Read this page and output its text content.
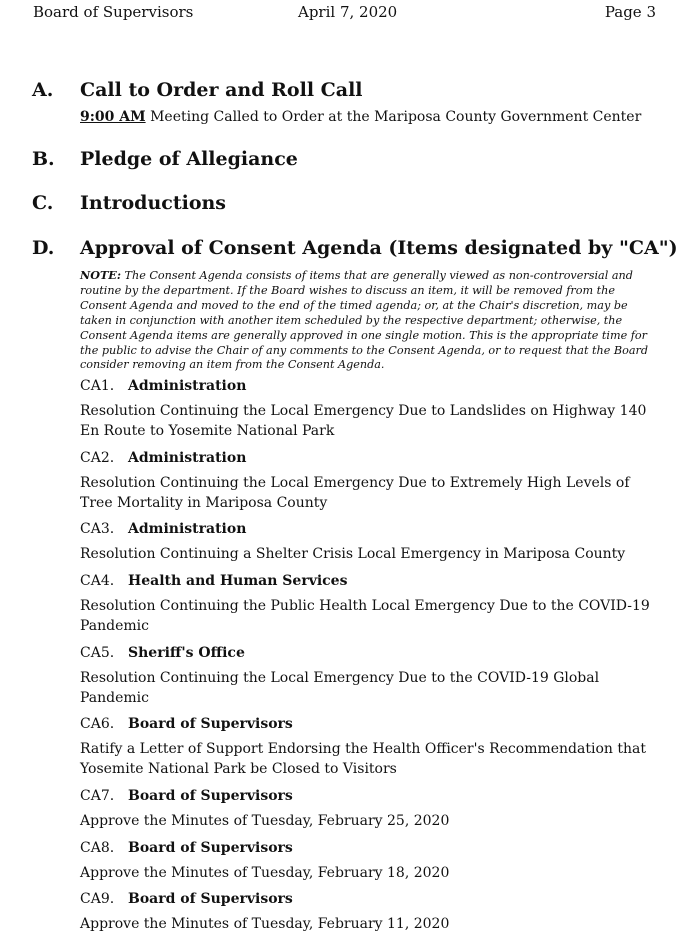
Board of Supervisors	April 7, 2020	Page 3
A. Call to Order and Roll Call
9:00 AM Meeting Called to Order at the Mariposa County Government Center
B. Pledge of Allegiance
C. Introductions
D. Approval of Consent Agenda (Items designated by "CA")
NOTE: The Consent Agenda consists of items that are generally viewed as non-controversial and routine by the department. If the Board wishes to discuss an item, it will be removed from the Consent Agenda and moved to the end of the timed agenda; or, at the Chair's discretion, may be taken in conjunction with another item scheduled by the respective department; otherwise, the Consent Agenda items are generally approved in one single motion. This is the appropriate time for the public to advise the Chair of any comments to the Consent Agenda, or to request that the Board consider removing an item from the Consent Agenda.
CA1. Administration
Resolution Continuing the Local Emergency Due to Landslides on Highway 140 En Route to Yosemite National Park
CA2. Administration
Resolution Continuing the Local Emergency Due to Extremely High Levels of Tree Mortality in Mariposa County
CA3. Administration
Resolution Continuing a Shelter Crisis Local Emergency in Mariposa County
CA4. Health and Human Services
Resolution Continuing the Public Health Local Emergency Due to the COVID-19 Pandemic
CA5. Sheriff's Office
Resolution Continuing the Local Emergency Due to the COVID-19 Global Pandemic
CA6. Board of Supervisors
Ratify a Letter of Support Endorsing the Health Officer's Recommendation that Yosemite National Park be Closed to Visitors
CA7. Board of Supervisors
Approve the Minutes of Tuesday, February 25, 2020
CA8. Board of Supervisors
Approve the Minutes of Tuesday, February 18, 2020
CA9. Board of Supervisors
Approve the Minutes of Tuesday, February 11, 2020
